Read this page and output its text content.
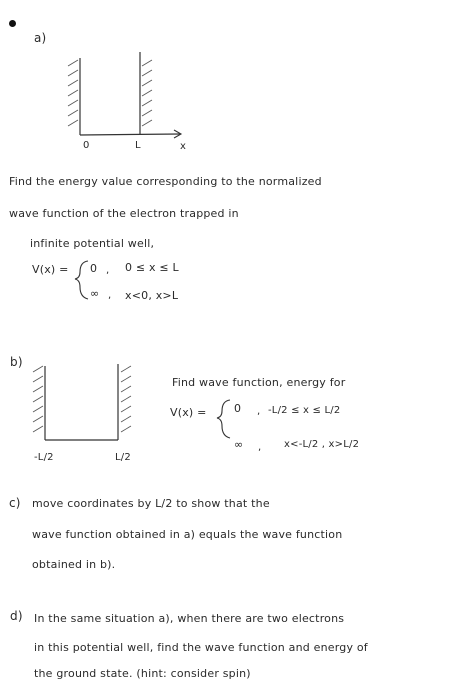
a)
0	L	x
Find the energy value corresponding to the normalized
wave function of the electron trapped in
infinite potential well,
V(x) = 0 , 0 ≤ x ≤ L
∞ , x<0, x>L
b)
-L/2	L/2
Find wave function, energy for
V(x) = 0 , -L/2 ≤ x ≤ L/2
∞ , x<-L/2 , x>L/2
c) move coordinates by L/2 to show that the
wave function obtained in a) equals the wave function
obtained in b).
d) In the same situation a), when there are two electrons
in this potential well, find the wave function and energy of
the ground state. (hint: consider spin)
